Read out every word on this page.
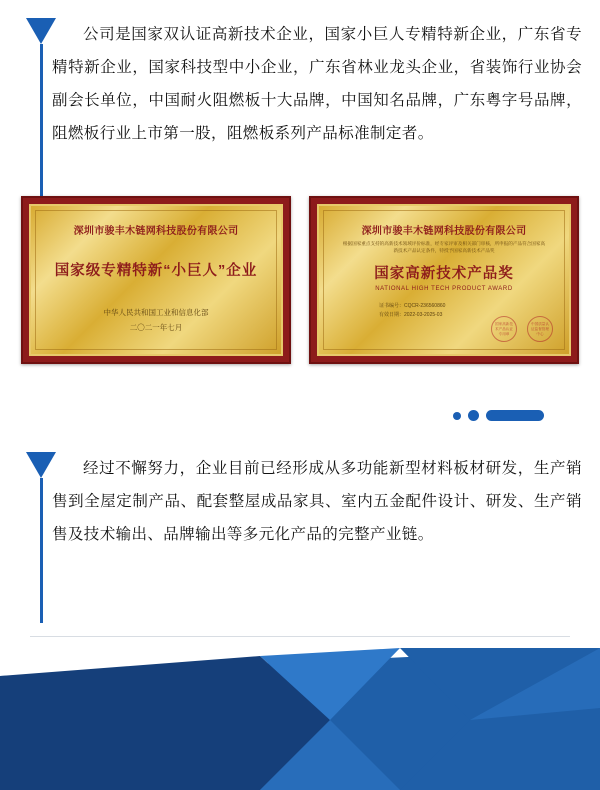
公司是国家双认证高新技术企业，国家小巨人专精特新企业，广东省专精特新企业，国家科技型中小企业，广东省林业龙头企业，省装饰行业协会副会长单位，中国耐火阻燃板十大品牌，中国知名品牌，广东粤字号品牌，阻燃板行业上市第一股，阻燃板系列产品标准制定者。
深圳市骏丰木链网科技股份有限公司
国家级专精特新“小巨人”企业
中华人民共和国工业和信息化部
二〇二一年七月
深圳市骏丰木链网科技股份有限公司
根据国家重点支持的高新技术领域评价标准，经专家评审及相关部门审核，所申报的产品符合国家高新技术产品认定条件，特授予国家高新技术产品奖
国家高新技术产品奖
NATIONAL HIGH TECH PRODUCT AWARD
证书编号：CQCR-236560860
有效日期：2022-03-2025-03
国家高新技术产品认证专用章
中国质量认证监督管理中心
经过不懈努力，企业目前已经形成从多功能新型材料板材研发，生产销售到全屋定制产品、配套整屋成品家具、室内五金配件设计、研发、生产销售及技术输出、品牌输出等多元化产品的完整产业链。
